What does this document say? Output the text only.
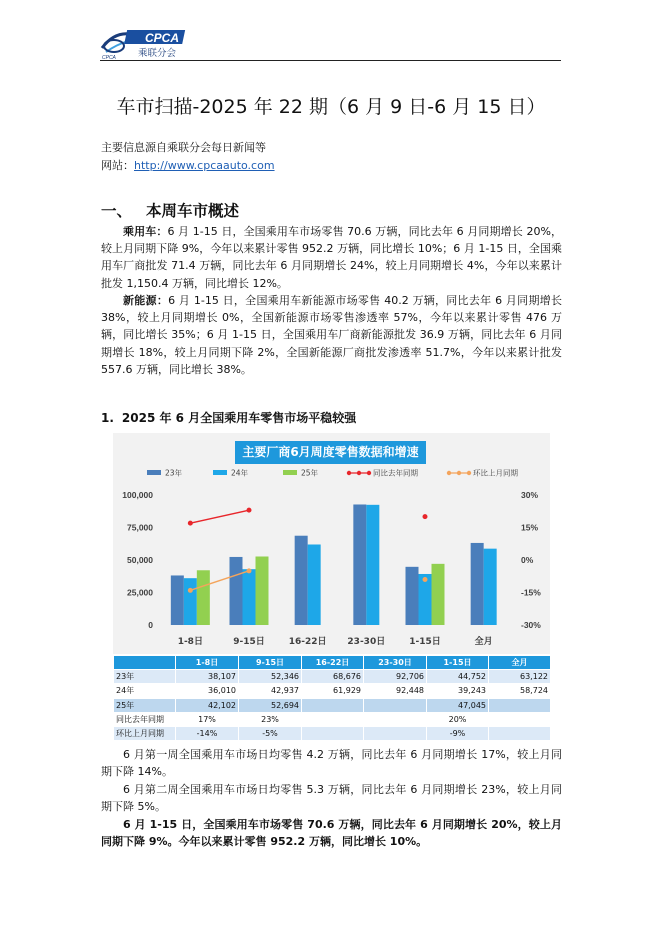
CPCA
乘联分会
CPCA
车市扫描-2025 年 22 期（6 月 9 日-6 月 15 日）
主要信息源自乘联分会每日新闻等
网站：http://www.cpcaauto.com
一、 本周车市概述
乘用车：6 月 1-15 日，全国乘用车市场零售 70.6 万辆，同比去年 6 月同期增长 20%，较上月同期下降 9%，今年以来累计零售 952.2 万辆，同比增长 10%；6 月 1-15 日，全国乘用车厂商批发 71.4 万辆，同比去年 6 月同期增长 24%，较上月同期增长 4%，今年以来累计批发 1,150.4 万辆，同比增长 12%。
新能源：6 月 1-15 日，全国乘用车新能源市场零售 40.2 万辆，同比去年 6 月同期增长 38%，较上月同期增长 0%，全国新能源市场零售渗透率 57%，今年以来累计零售 476 万辆，同比增长 35%；6 月 1-15 日，全国乘用车厂商新能源批发 36.9 万辆，同比去年 6 月同期增长 18%，较上月同期下降 2%，全国新能源厂商批发渗透率 51.7%，今年以来累计批发 557.6 万辆，同比增长 38%。
1. 2025 年 6 月全国乘用车零售市场平稳较强
0
25,000
50,000
75,000
100,000
-30%
-15%
0%
15%
30%
1-8日	9-15日	16-22日 23-30日	1-15日	全月
23年	24年	25年	同比去年同期	环比上月同期
主要厂商6月周度零售数据和增速
	1-8日	9-15日	16-22日	23-30日	1-15日	全月
23年	38,107	52,346	68,676	92,706	44,752	63,122
24年	36,010	42,937	61,929	92,448	39,243	58,724
25年	42,102	52,694			47,045	
同比去年同期	17%	23%			20%	
环比上月同期	-14%	-5%			-9%	
6 月第一周全国乘用车市场日均零售 4.2 万辆，同比去年 6 月同期增长 17%，较上月同期下降 14%。
6 月第二周全国乘用车市场日均零售 5.3 万辆，同比去年 6 月同期增长 23%，较上月同期下降 5%。
6 月 1-15 日，全国乘用车市场零售 70.6 万辆，同比去年 6 月同期增长 20%，较上月同期下降 9%。今年以来累计零售 952.2 万辆，同比增长 10%。
